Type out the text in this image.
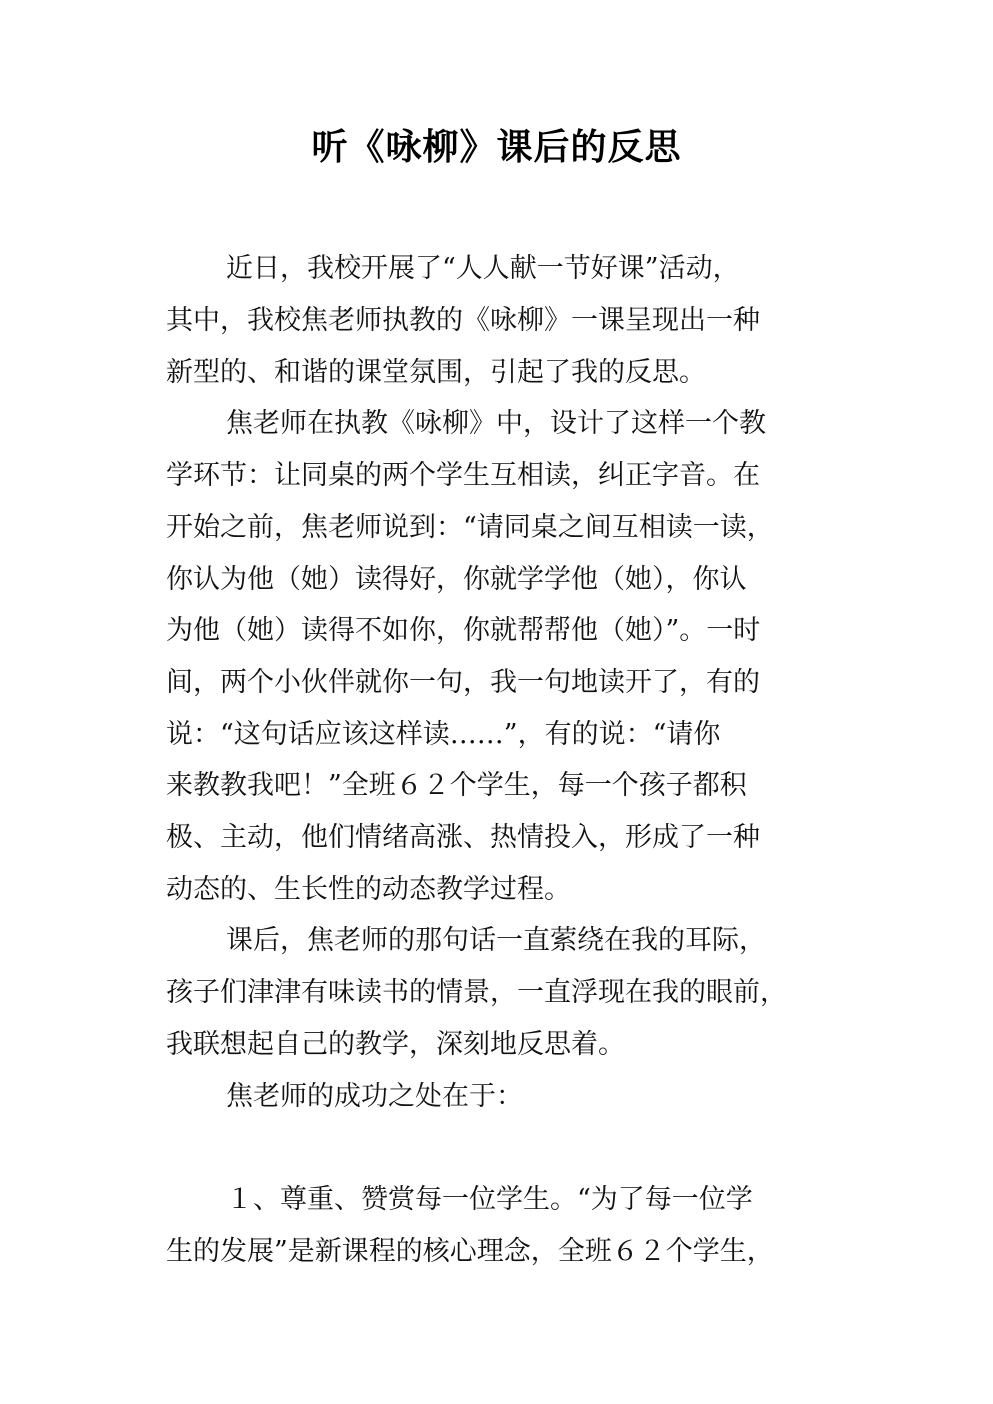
听《咏柳》课后的反思
近日，我校开展了“人人献一节好课”活动，
其中，我校焦老师执教的《咏柳》一课呈现出一种
新型的、和谐的课堂氛围，引起了我的反思。
焦老师在执教《咏柳》中，设计了这样一个教
学环节：让同桌的两个学生互相读，纠正字音。在
开始之前，焦老师说到：“请同桌之间互相读一读，
你认为他（她）读得好，你就学学他（她），你认
为他（她）读得不如你，你就帮帮他（她）”。一时
间，两个小伙伴就你一句，我一句地读开了，有的
说：“这句话应该这样读……”，有的说：“请你
来教教我吧！”全班６２个学生，每一个孩子都积
极、主动，他们情绪高涨、热情投入，形成了一种
动态的、生长性的动态教学过程。
课后，焦老师的那句话一直萦绕在我的耳际，
孩子们津津有味读书的情景，一直浮现在我的眼前，
我联想起自己的教学，深刻地反思着。
焦老师的成功之处在于：
１、尊重、赞赏每一位学生。“为了每一位学
生的发展”是新课程的核心理念，全班６２个学生，
